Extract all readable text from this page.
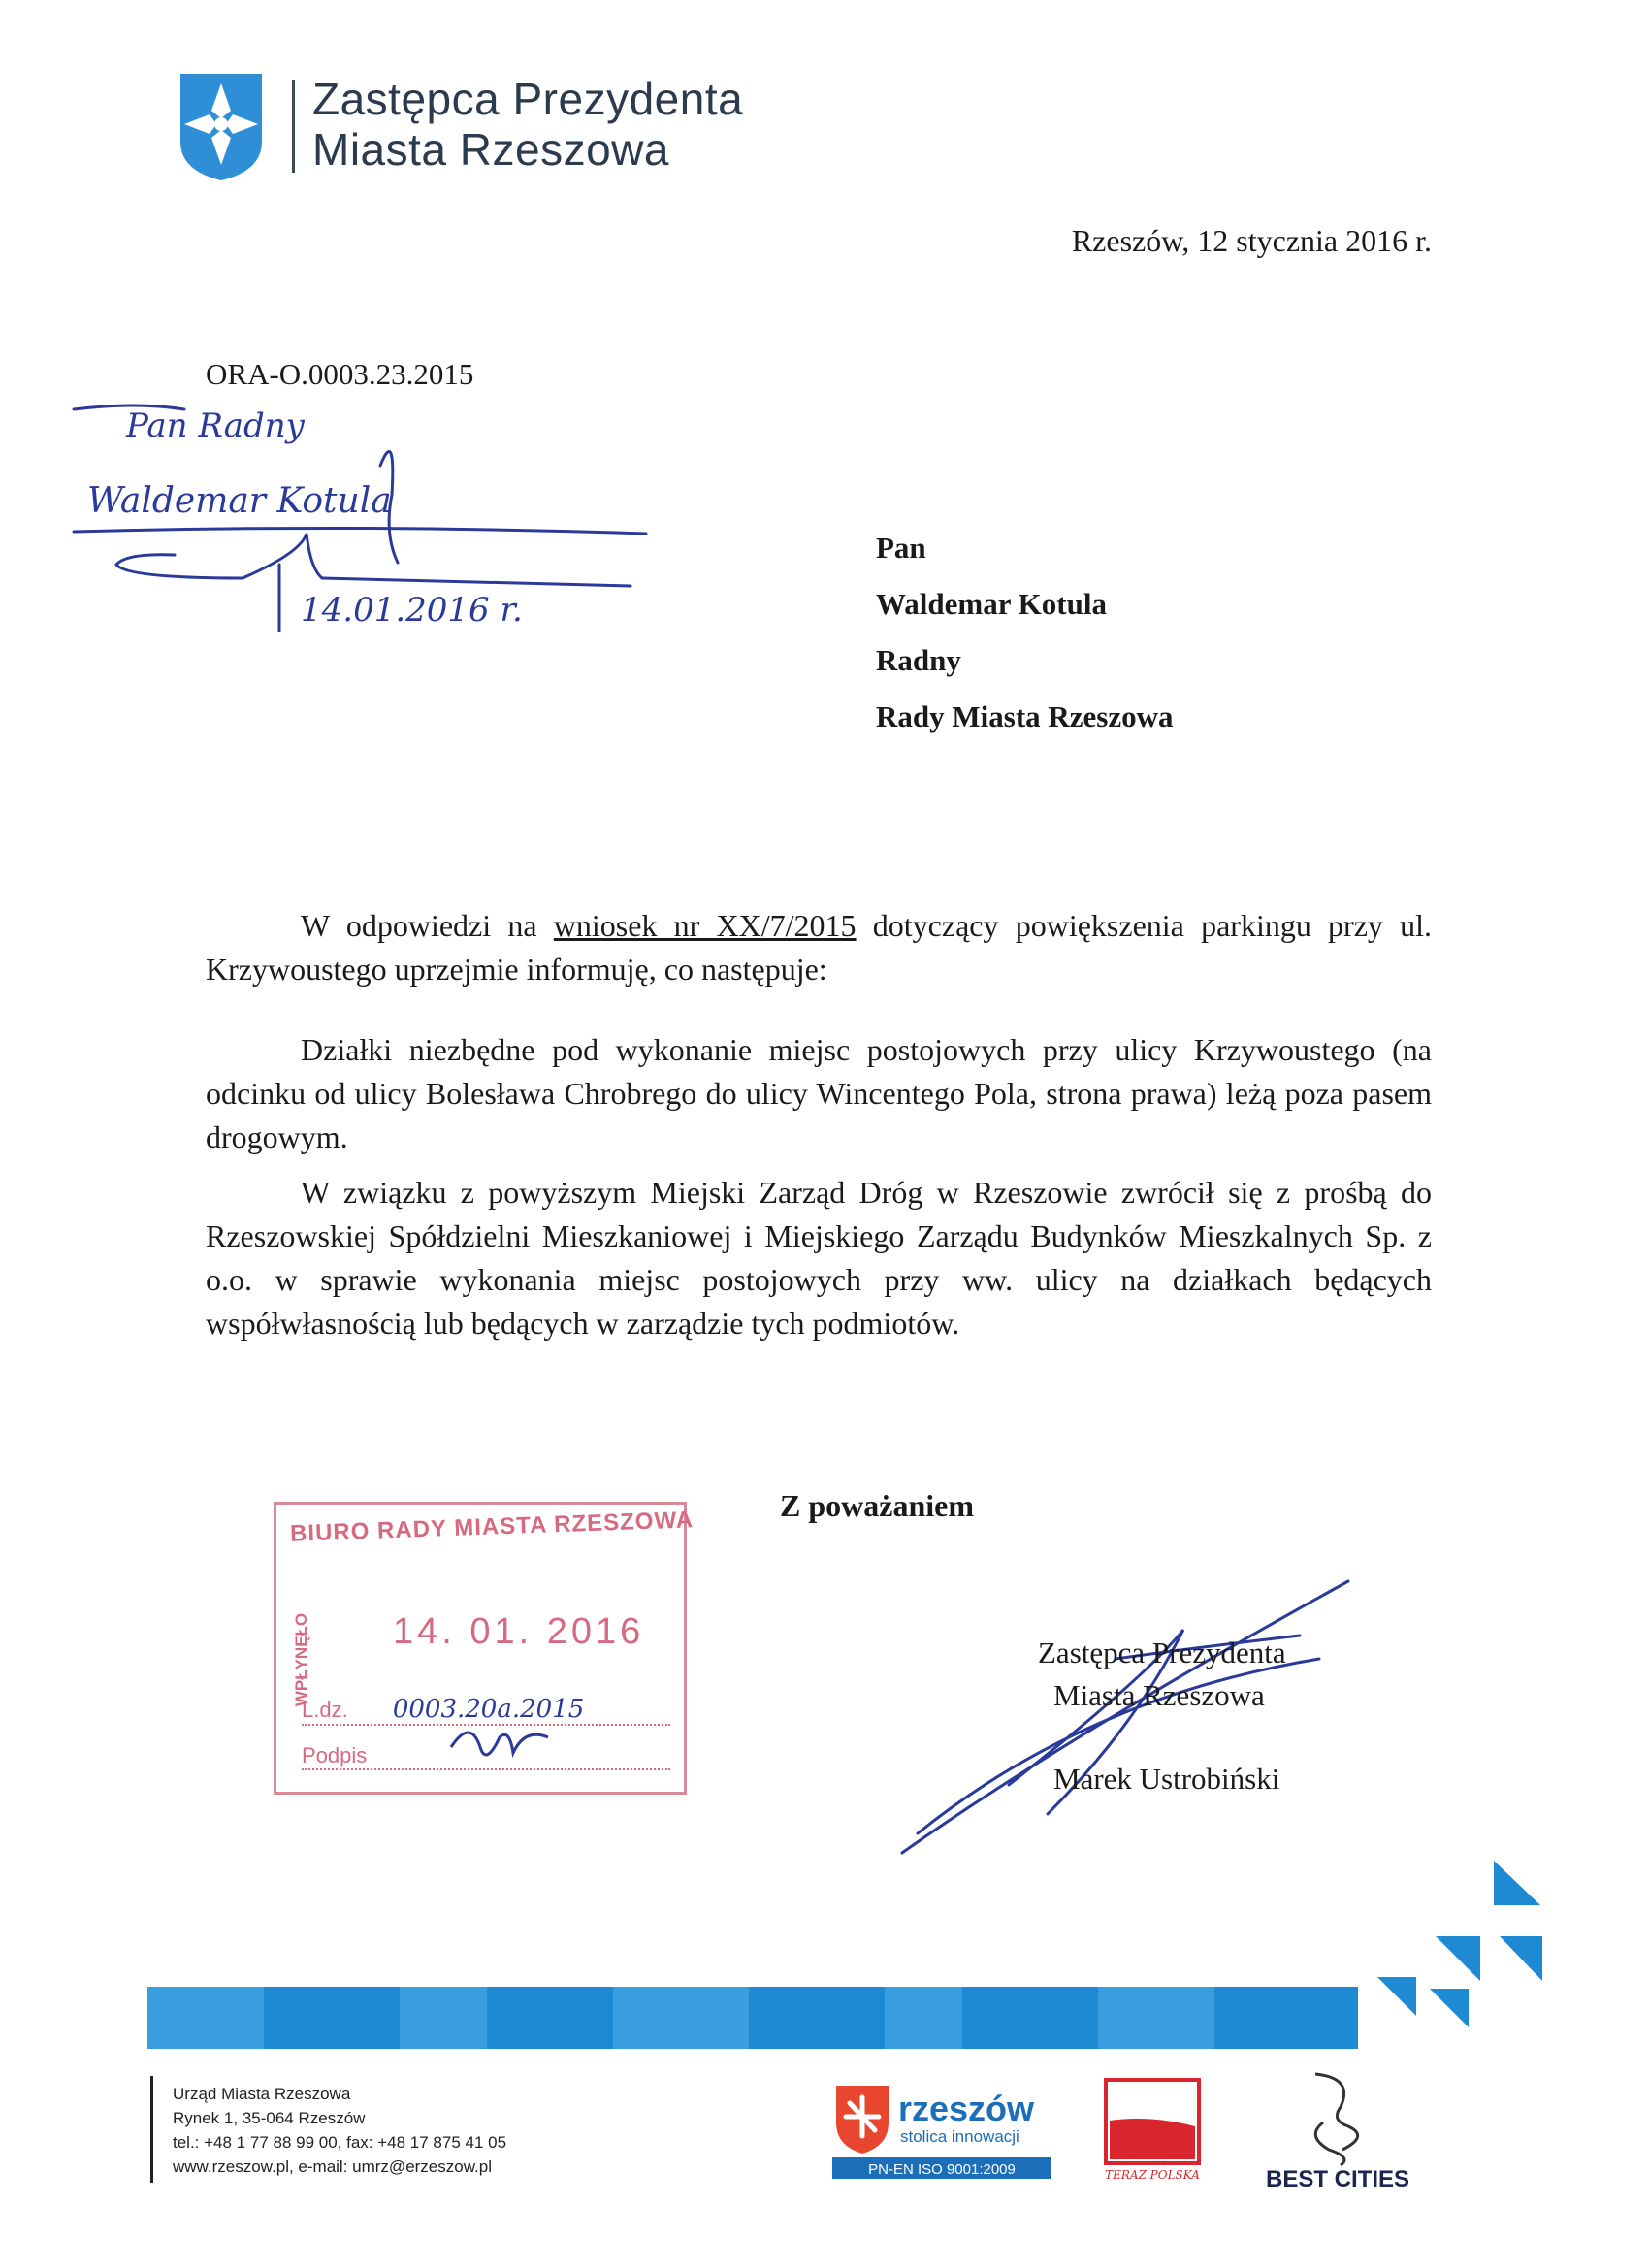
Zastępca Prezydenta
Miasta Rzeszowa
Rzeszów, 12 stycznia 2016 r.
ORA-O.0003.23.2015
Pan Radny
Waldemar Kotula
14.01.2016 r.
Pan
Waldemar Kotula
Radny
Rady Miasta Rzeszowa

W odpowiedzi na wniosek nr XX/7/2015 dotyczący powiększenia parkingu przy ul. Krzywoustego uprzejmie informuję, co następuje:

Działki niezbędne pod wykonanie miejsc postojowych przy ulicy Krzywoustego (na odcinku od ulicy Bolesława Chrobrego do ulicy Wincentego Pola, strona prawa) leżą poza pasem drogowym.

W związku z powyższym Miejski Zarząd Dróg w Rzeszowie zwrócił się z prośbą do Rzeszowskiej Spółdzielni Mieszkaniowej i Miejskiego Zarządu Budynków Mieszkalnych Sp. z o.o. w sprawie wykonania miejsc postojowych przy ww. ulicy na działkach będących współwłasnością lub będących w zarządzie tych podmiotów.

Z poważaniem
BIURO RADY MIASTA RZESZOWA
WPŁYNĘŁO 14. 01. 2016
L.dz. 0003.20a.2015
Podpis
Zastępca Prezydenta
Miasta Rzeszowa
Marek Ustrobiński
Urząd Miasta Rzeszowa
Rynek 1, 35-064 Rzeszów
tel.: +48 1 77 88 99 00, fax: +48 17 875 41 05
www.rzeszow.pl, e-mail: umrz@erzeszow.pl
rzeszów
stolica innowacji
PN-EN ISO 9001:2009	TERAZ POLSKA	BEST CITIES
